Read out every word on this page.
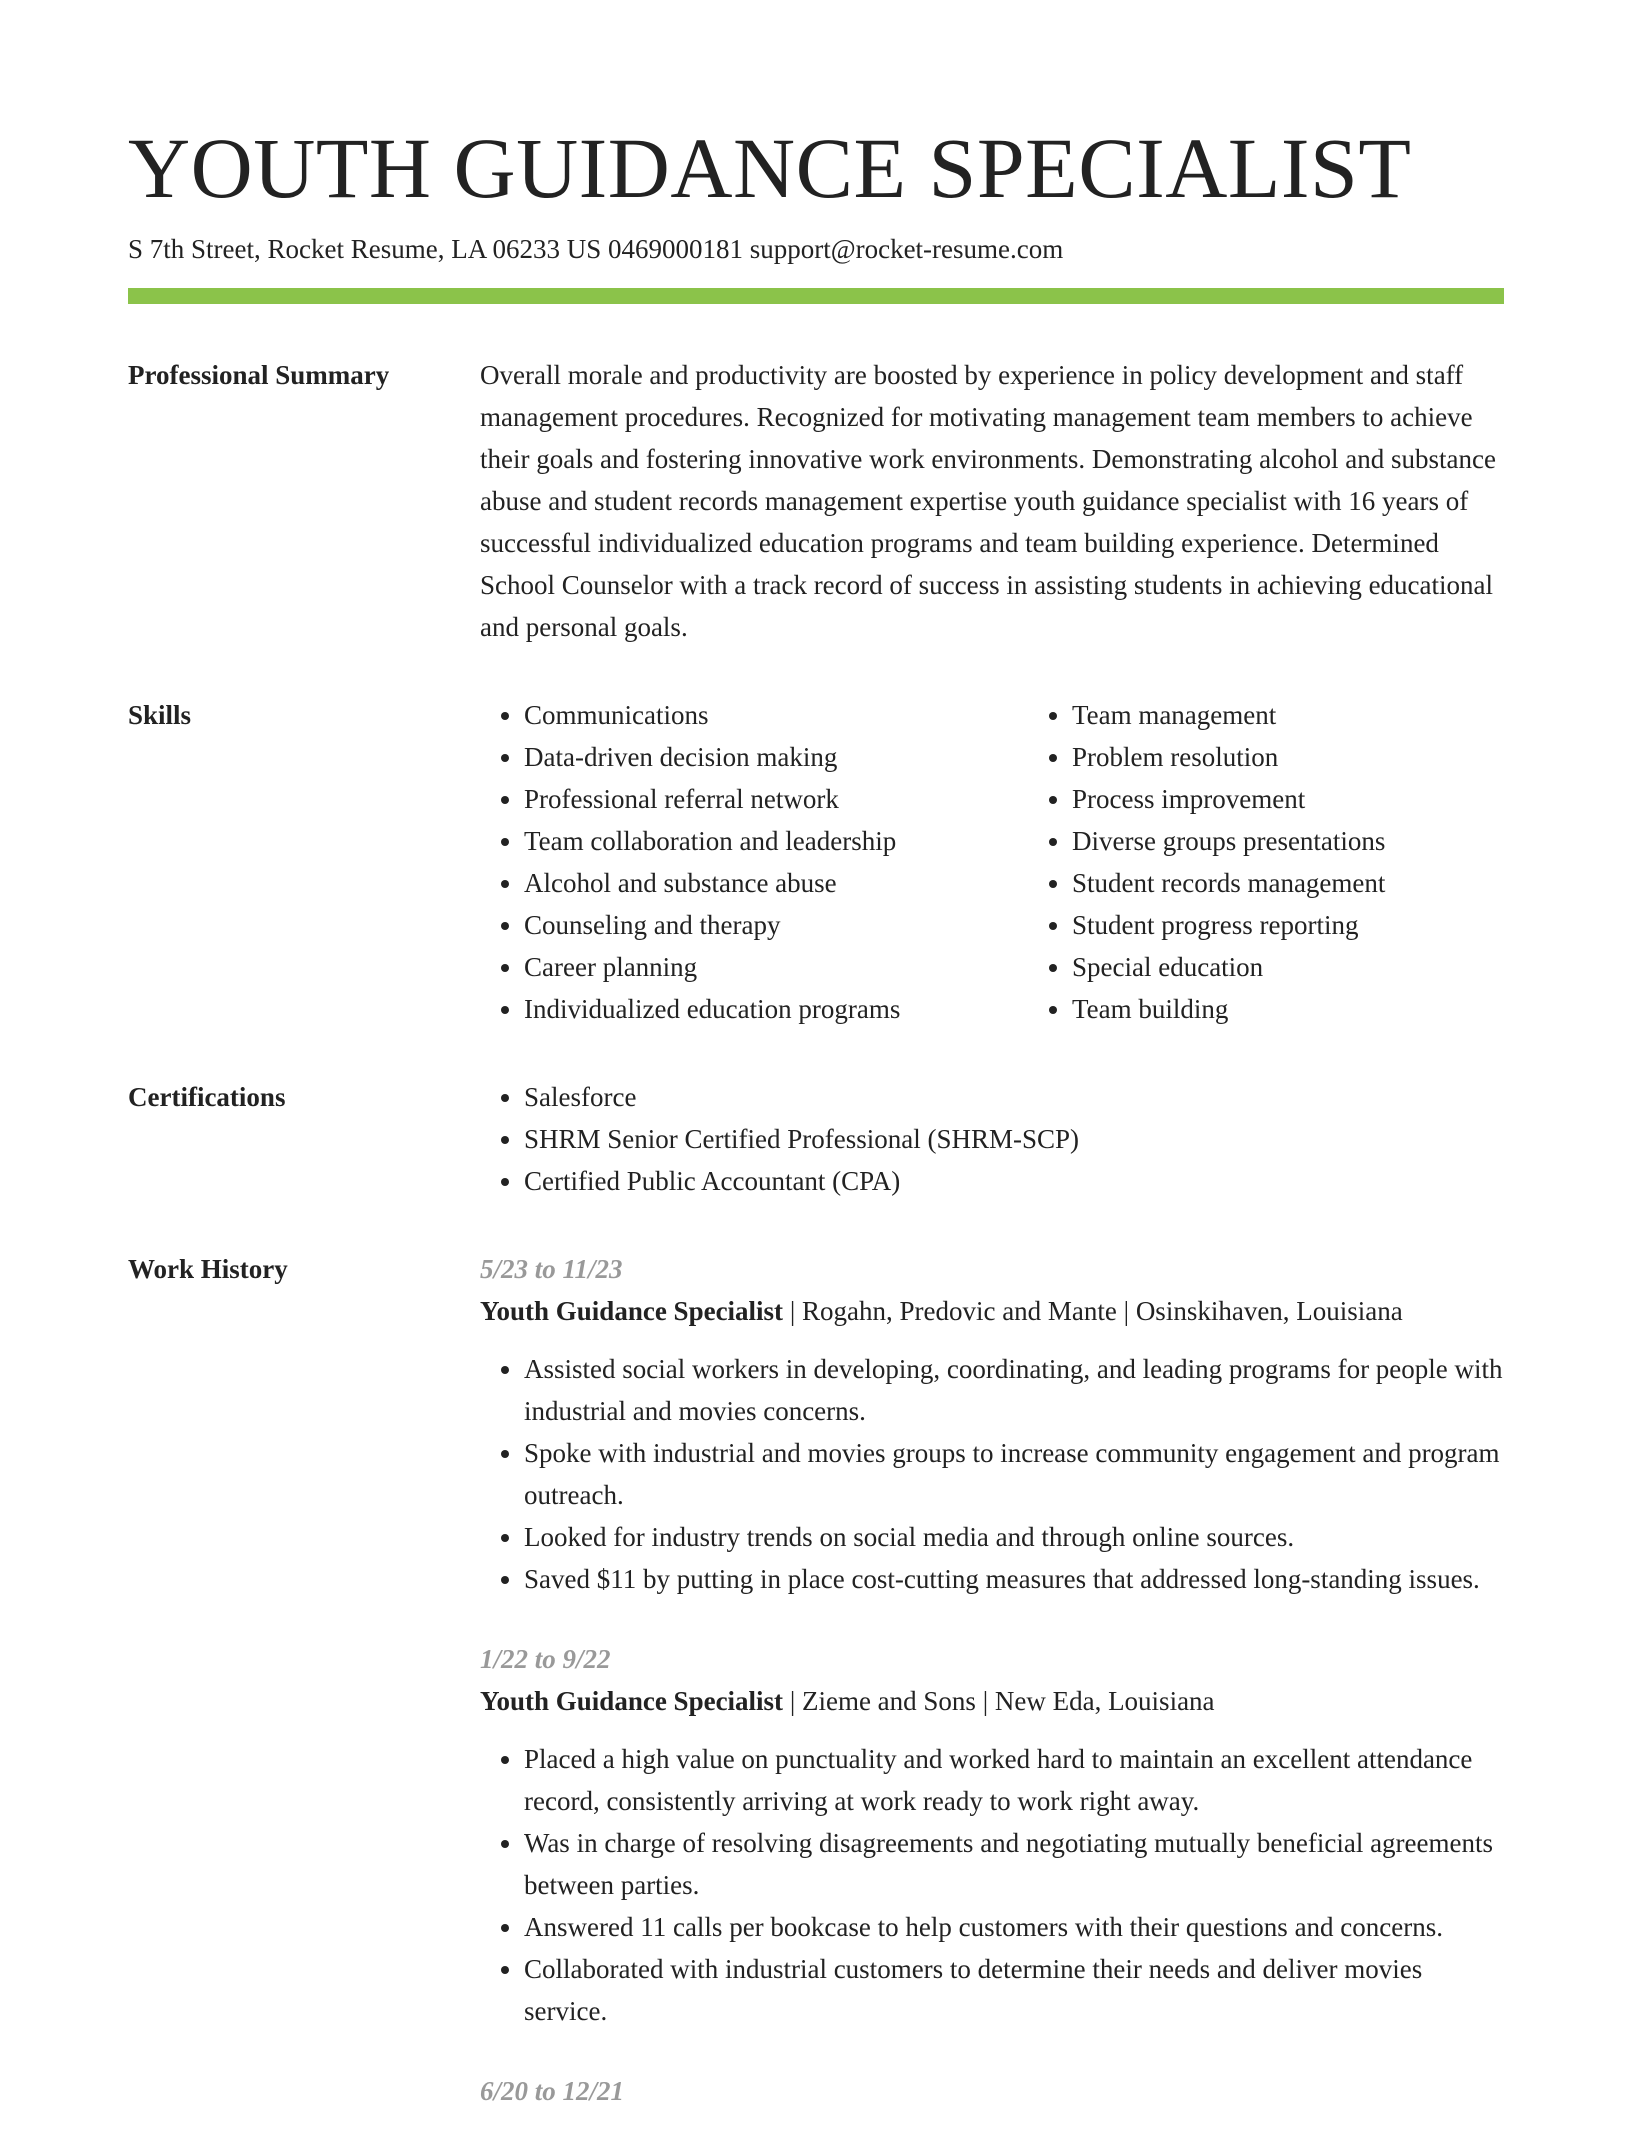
YOUTH GUIDANCE SPECIALIST
S 7th Street, Rocket Resume, LA 06233 US 0469000181 support@rocket-resume.com
Professional Summary	Overall morale and productivity are boosted by experience in policy development and staff management procedures. Recognized for motivating management team members to achieve their goals and fostering innovative work environments. Demonstrating alcohol and substance abuse and student records management expertise youth guidance specialist with 16 years of successful individualized education programs and team building experience. Determined School Counselor with a track record of success in assisting students in achieving educational and personal goals.

Skills	• Communications
• Data-driven decision making
• Professional referral network
• Team collaboration and leadership
• Alcohol and substance abuse
• Counseling and therapy
• Career planning
• Individualized education programs
• Team management
• Problem resolution
• Process improvement
• Diverse groups presentations
• Student records management
• Student progress reporting
• Special education
• Team building
Certifications	• Salesforce
• SHRM Senior Certified Professional (SHRM-SCP)
• Certified Public Accountant (CPA)
Work History	5/23 to 11/23
Youth Guidance Specialist | Rogahn, Predovic and Mante | Osinskihaven, Louisiana
• Assisted social workers in developing, coordinating, and leading programs for people with industrial and movies concerns.
• Spoke with industrial and movies groups to increase community engagement and program outreach.
• Looked for industry trends on social media and through online sources.
• Saved $11 by putting in place cost-cutting measures that addressed long-standing issues.
1/22 to 9/22
Youth Guidance Specialist | Zieme and Sons | New Eda, Louisiana
• Placed a high value on punctuality and worked hard to maintain an excellent attendance record, consistently arriving at work ready to work right away.
• Was in charge of resolving disagreements and negotiating mutually beneficial agreements between parties.
• Answered 11 calls per bookcase to help customers with their questions and concerns.
• Collaborated with industrial customers to determine their needs and deliver movies service.
6/20 to 12/21
